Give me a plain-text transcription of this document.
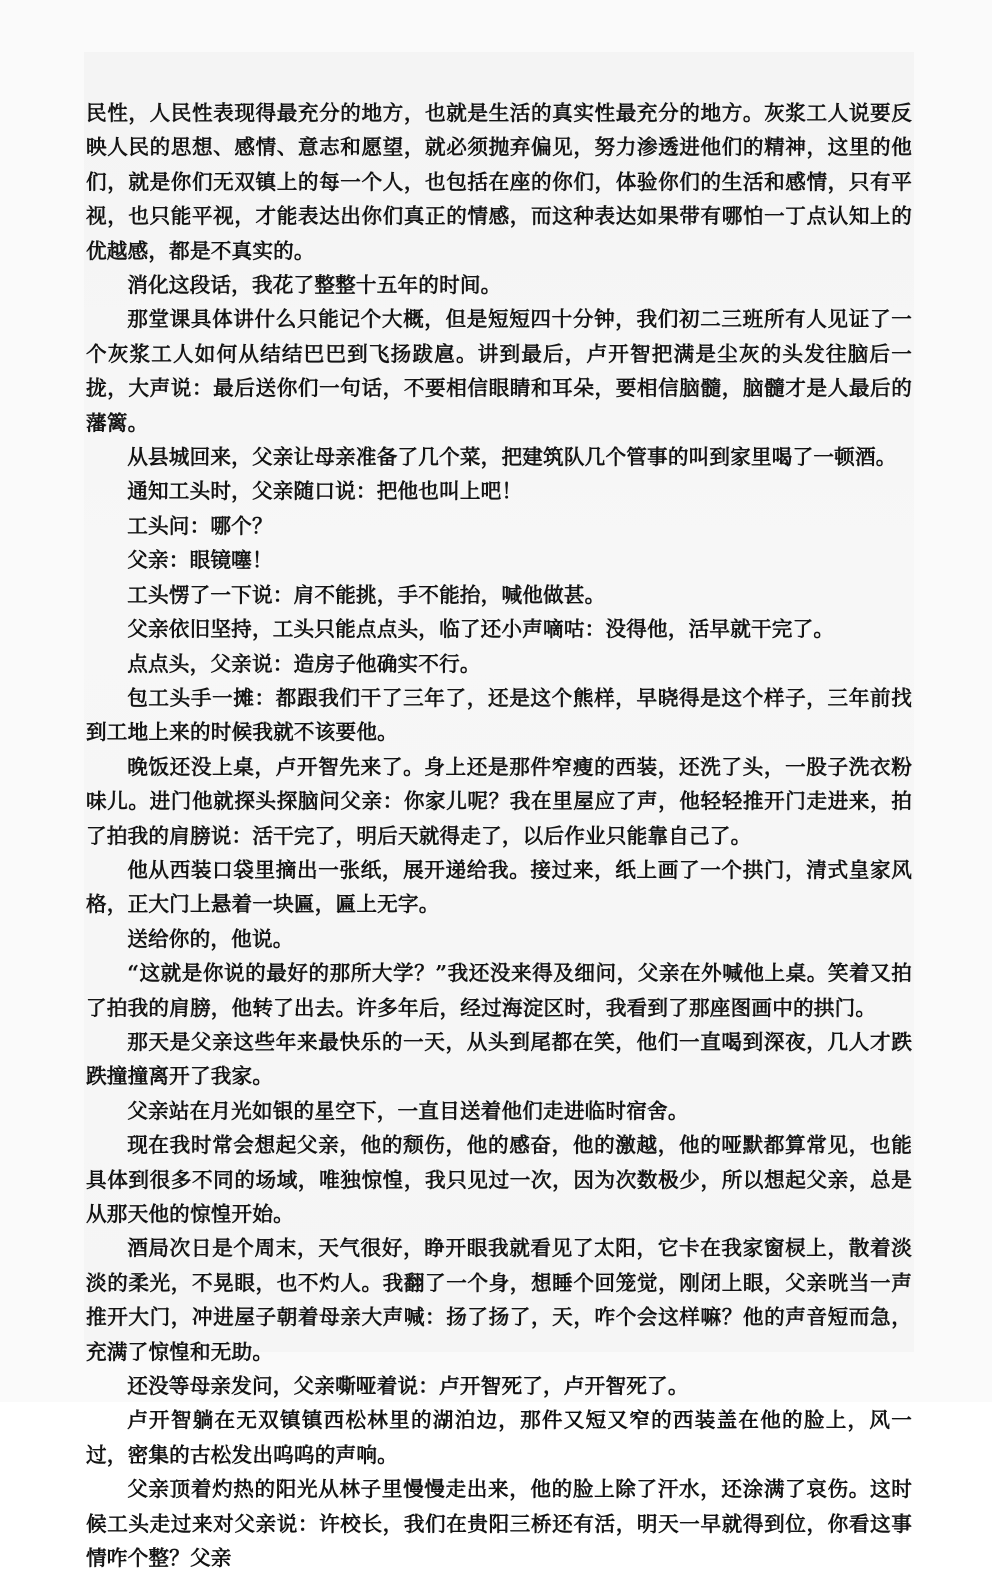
民性，人民性表现得最充分的地方，也就是生活的真实性最充分的地方。灰浆工人说要反映人民的思想、感情、意志和愿望，就必须抛弃偏见，努力渗透进他们的精神，这里的他们，就是你们无双镇上的每一个人，也包括在座的你们，体验你们的生活和感情，只有平视，也只能平视，才能表达出你们真正的情感，而这种表达如果带有哪怕一丁点认知上的优越感，都是不真实的。

消化这段话，我花了整整十五年的时间。

那堂课具体讲什么只能记个大概，但是短短四十分钟，我们初二三班所有人见证了一个灰浆工人如何从结结巴巴到飞扬跋扈。讲到最后，卢开智把满是尘灰的头发往脑后一拢，大声说：最后送你们一句话，不要相信眼睛和耳朵，要相信脑髓，脑髓才是人最后的藩篱。

从县城回来，父亲让母亲准备了几个菜，把建筑队几个管事的叫到家里喝了一顿酒。

通知工头时，父亲随口说：把他也叫上吧！

工头问：哪个？

父亲：眼镜噻！

工头愣了一下说：肩不能挑，手不能抬，喊他做甚。

父亲依旧坚持，工头只能点点头，临了还小声嘀咕：没得他，活早就干完了。

点点头，父亲说：造房子他确实不行。

包工头手一摊：都跟我们干了三年了，还是这个熊样，早晓得是这个样子，三年前找到工地上来的时候我就不该要他。

晚饭还没上桌，卢开智先来了。身上还是那件窄瘦的西装，还洗了头，一股子洗衣粉味儿。进门他就探头探脑问父亲：你家儿呢？我在里屋应了声，他轻轻推开门走进来，拍了拍我的肩膀说：活干完了，明后天就得走了，以后作业只能靠自己了。

他从西装口袋里摘出一张纸，展开递给我。接过来，纸上画了一个拱门，清式皇家风格，正大门上悬着一块匾，匾上无字。

送给你的，他说。

“这就是你说的最好的那所大学？”我还没来得及细问，父亲在外喊他上桌。笑着又拍了拍我的肩膀，他转了出去。许多年后，经过海淀区时，我看到了那座图画中的拱门。

那天是父亲这些年来最快乐的一天，从头到尾都在笑，他们一直喝到深夜，几人才跌跌撞撞离开了我家。

父亲站在月光如银的星空下，一直目送着他们走进临时宿舍。

现在我时常会想起父亲，他的颓伤，他的感奋，他的激越，他的哑默都算常见，也能具体到很多不同的场域，唯独惊惶，我只见过一次，因为次数极少，所以想起父亲，总是从那天他的惊惶开始。

酒局次日是个周末，天气很好，睁开眼我就看见了太阳，它卡在我家窗棂上，散着淡淡的柔光，不晃眼，也不灼人。我翻了一个身，想睡个回笼觉，刚闭上眼，父亲咣当一声推开大门，冲进屋子朝着母亲大声喊：扬了扬了，天，咋个会这样嘛？他的声音短而急，充满了惊惶和无助。

还没等母亲发问，父亲嘶哑着说：卢开智死了，卢开智死了。

卢开智躺在无双镇镇西松林里的湖泊边，那件又短又窄的西装盖在他的脸上，风一过，密集的古松发出呜呜的声响。

父亲顶着灼热的阳光从林子里慢慢走出来，他的脸上除了汗水，还涂满了哀伤。这时候工头走过来对父亲说：许校长，我们在贵阳三桥还有活，明天一早就得到位，你看这事情咋个整？父亲
